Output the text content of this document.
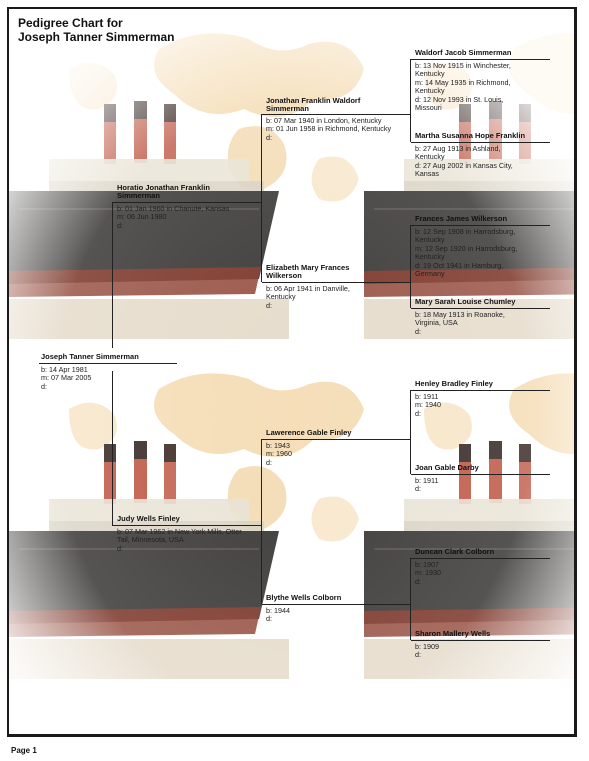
Pedigree Chart for
Joseph Tanner Simmerman
Joseph Tanner Simmerman
b: 14 Apr 1981
m: 07 Mar 2005
d:
Horatio Jonathan Franklin Simmerman
b: 01 Jan 1960 in Chanute, Kansas
m: 06 Jun 1980
d:
Judy Wells Finley
b: 07 Mar 1962 in New York Mills, Otter Tail, Minnesota, USA
d:
Jonathan Franklin Waldorf Simmerman
b: 07 Mar 1940 in London, Kentucky
m: 01 Jun 1958 in Richmond, Kentucky
d:
Elizabeth Mary Frances Wilkerson
b: 06 Apr 1941 in Danville, Kentucky
d:
Lawerence Gable Finley
b: 1943
m: 1960
d:
Blythe Wells Colborn
b: 1944
d:
Waldorf Jacob Simmerman
b: 13 Nov 1915 in Winchester, Kentucky
m: 14 May 1935 in Richmond, Kentucky
d: 12 Nov 1993 in St. Louis, Missouri
Martha Susanna Hope Franklin
b: 27 Aug 1913 in Ashland, Kentucky
d: 27 Aug 2002 in Kansas City, Kansas
Frances James Wilkerson
b: 12 Sep 1908 in Harrodsburg, Kentucky
m: 12 Sep 1920 in Harrodsburg, Kentucky
d: 19 Oct 1941 in Hamburg, Germany
Mary Sarah Louise Chumley
b: 18 May 1913 in Roanoke, Virginia, USA
d:
Henley Bradley Finley
b: 1911
m: 1940
d:
Joan Gable Darby
b: 1911
d:
Duncan Clark Colborn
b: 1907
m: 1930
d:
Sharon Mallery Wells
b: 1909
d:
Page 1
